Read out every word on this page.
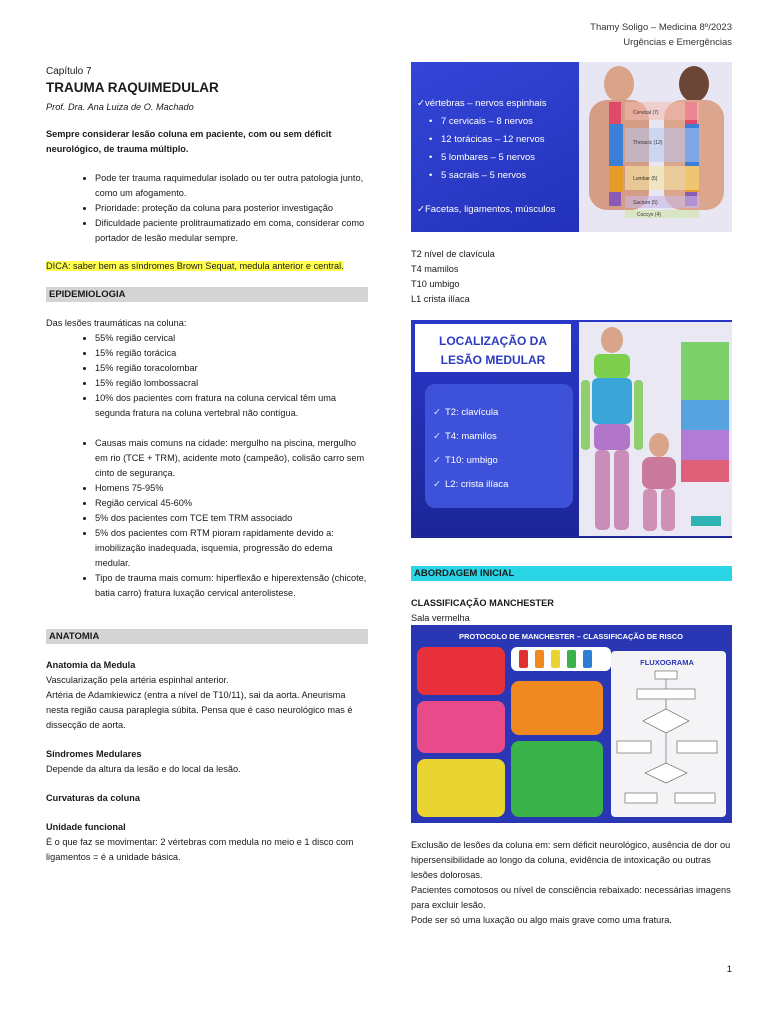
Thamy Soligo – Medicina 8º/2023
Urgências e Emergências

Capítulo 7

TRAUMA RAQUIMEDULAR

Prof. Dra. Ana Luiza de O. Machado

Sempre considerar lesão coluna em paciente, com ou sem déficit neurológico, de trauma múltiplo.

• Pode ter trauma raquimedular isolado ou ter outra patologia junto, como um afogamento.
• Prioridade: proteção da coluna para posterior investigação
• Dificuldade paciente prolitraumatizado em coma, considerar como portador de lesão medular sempre.

DICA: saber bem as síndromes Brown Sequat, medula anterior e central.

EPIDEMIOLOGIA

Das lesões traumáticas na coluna:

• 55% região cervical
• 15% região torácica
• 15% região toracolombar
• 15% região lombossacral
• 10% dos pacientes com fratura na coluna cervical têm uma segunda fratura na coluna vertebral não contígua.
• Causas mais comuns na cidade: mergulho na piscina, mergulho em rio (TCE + TRM), acidente moto (campeão), colisão carro sem cinto de segurança.
• Homens 75-95%
• Região cervical 45-60%
• 5% dos pacientes com TCE tem TRM associado
• 5% dos pacientes com RTM pioram rapidamente devido a: imobilização inadequada, isquemia, progressão do edema medular.
• Tipo de trauma mais comum: hiperflexão e hiperextensão (chicote, batia carro) fratura luxação cervical anterolistese.
ANATOMIA

Anatomia da Medula

Vascularização pela artéria espinhal anterior.

Artéria de Adamkiewicz (entra a nível de T10/11), sai da aorta. Aneurisma nesta região causa paraplegia súbita. Pensa que é caso neurológico mas é dissecção de aorta.

Síndromes Medulares

Depende da altura da lesão e do local da lesão.

Curvaturas da coluna

Unidade funcional

É o que faz se movimentar: 2 vértebras com medula no meio e 1 disco com ligamentos = é a unidade básica.

Cervical (7)
Thoracic (12)
Lumbar (5)
Sacrum (5)
Coccyx (4)
✓ vértebras – nervos espinhais
• 7 cervicais – 8 nervos
• 12 torácicas – 12 nervos
• 5 lombares – 5 nervos
• 5 sacrais – 5 nervos
✓ Facetas, ligamentos, músculos

T2 nível de clavícula

T4 mamilos

T10 umbigo

L1 crista ilíaca

LOCALIZAÇÃO DA
LESÃO MEDULAR
✓ T2: clavícula
✓ T4: mamilos
✓ T10: umbigo
✓ L2: crista ilíaca
ABORDAGEM INICIAL

CLASSIFICAÇÃO MANCHESTER

Sala vermelha

PROTOCOLO DE MANCHESTER – CLASSIFICAÇÃO DE RISCO
FLUXOGRAMA

Exclusão de lesões da coluna em: sem déficit neurológico, ausência de dor ou hipersensibilidade ao longo da coluna, evidência de intoxicação ou outras lesões dolorosas.

Pacientes comotosos ou nível de consciência rebaixado: necessárias imagens para excluir lesão.

Pode ser só uma luxação ou algo mais grave como uma fratura.

1
